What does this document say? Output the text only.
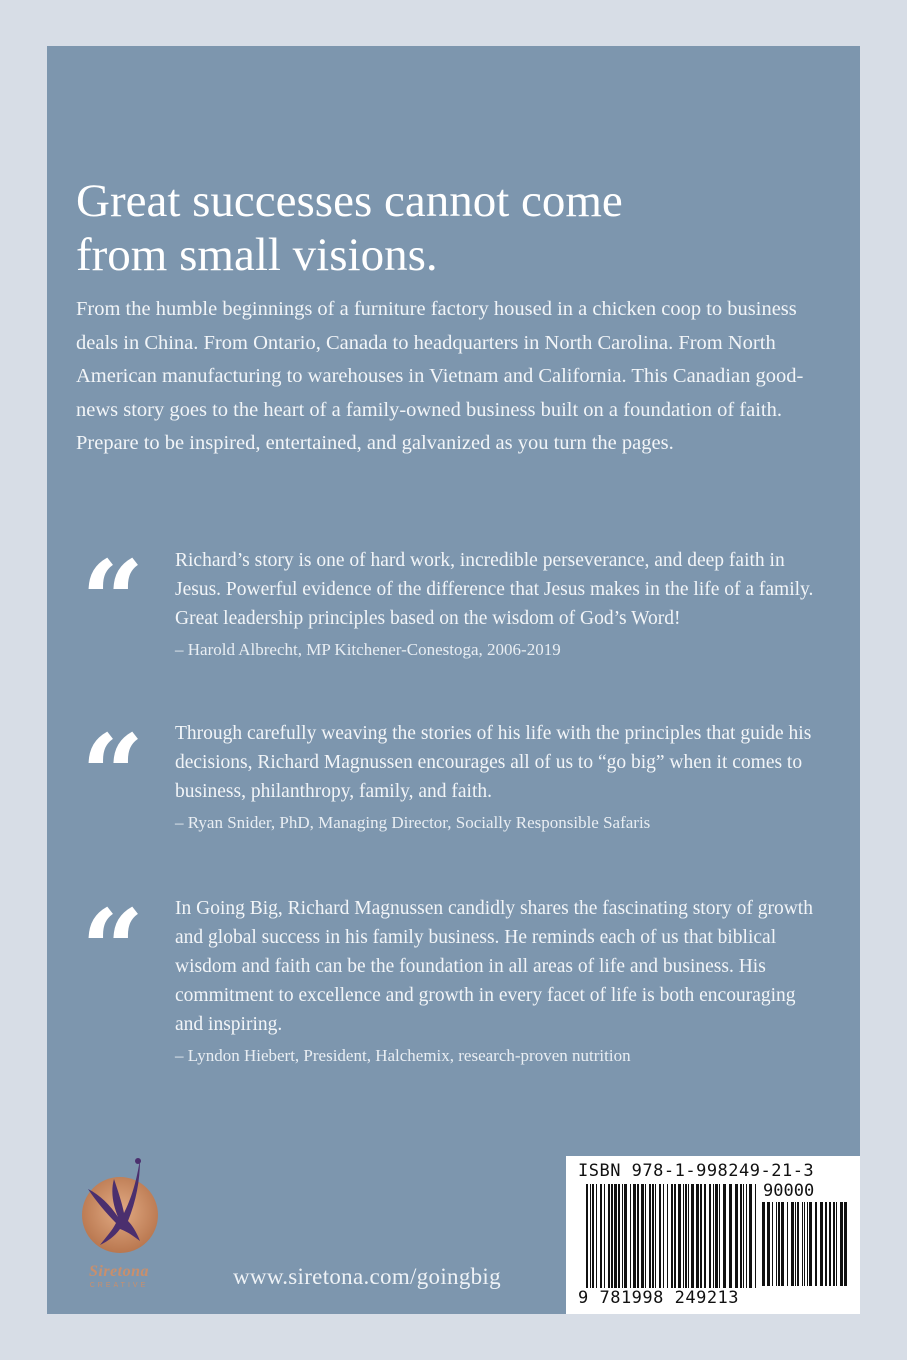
Great successes cannot come
from small visions.

From the humble beginnings of a furniture factory housed in a chicken coop to business deals in China. From Ontario, Canada to headquarters in North Carolina. From North American manufacturing to warehouses in Vietnam and California. This Canadian good-news story goes to the heart of a family-owned business built on a foundation of faith. Prepare to be inspired, entertained, and galvanized as you turn the pages.

“ Richard’s story is one of hard work, incredible perseverance, and deep faith in Jesus. Powerful evidence of the difference that Jesus makes in the life of a family. Great leadership principles based on the wisdom of God’s Word!
– Harold Albrecht, MP Kitchener-Conestoga, 2006-2019

“ Through carefully weaving the stories of his life with the principles that guide his decisions, Richard Magnussen encourages all of us to “go big” when it comes to business, philanthropy, family, and faith.
– Ryan Snider, PhD, Managing Director, Socially Responsible Safaris

“ In Going Big, Richard Magnussen candidly shares the fascinating story of growth and global success in his family business. He reminds each of us that biblical wisdom and faith can be the foundation in all areas of life and business. His commitment to excellence and growth in every facet of life is both encouraging and inspiring.
– Lyndon Hiebert, President, Halchemix, research-proven nutrition

Siretona
CREATIVE	www.siretona.com/goingbig
ISBN 978-1-998249-21-3
90000
9 781998 249213
